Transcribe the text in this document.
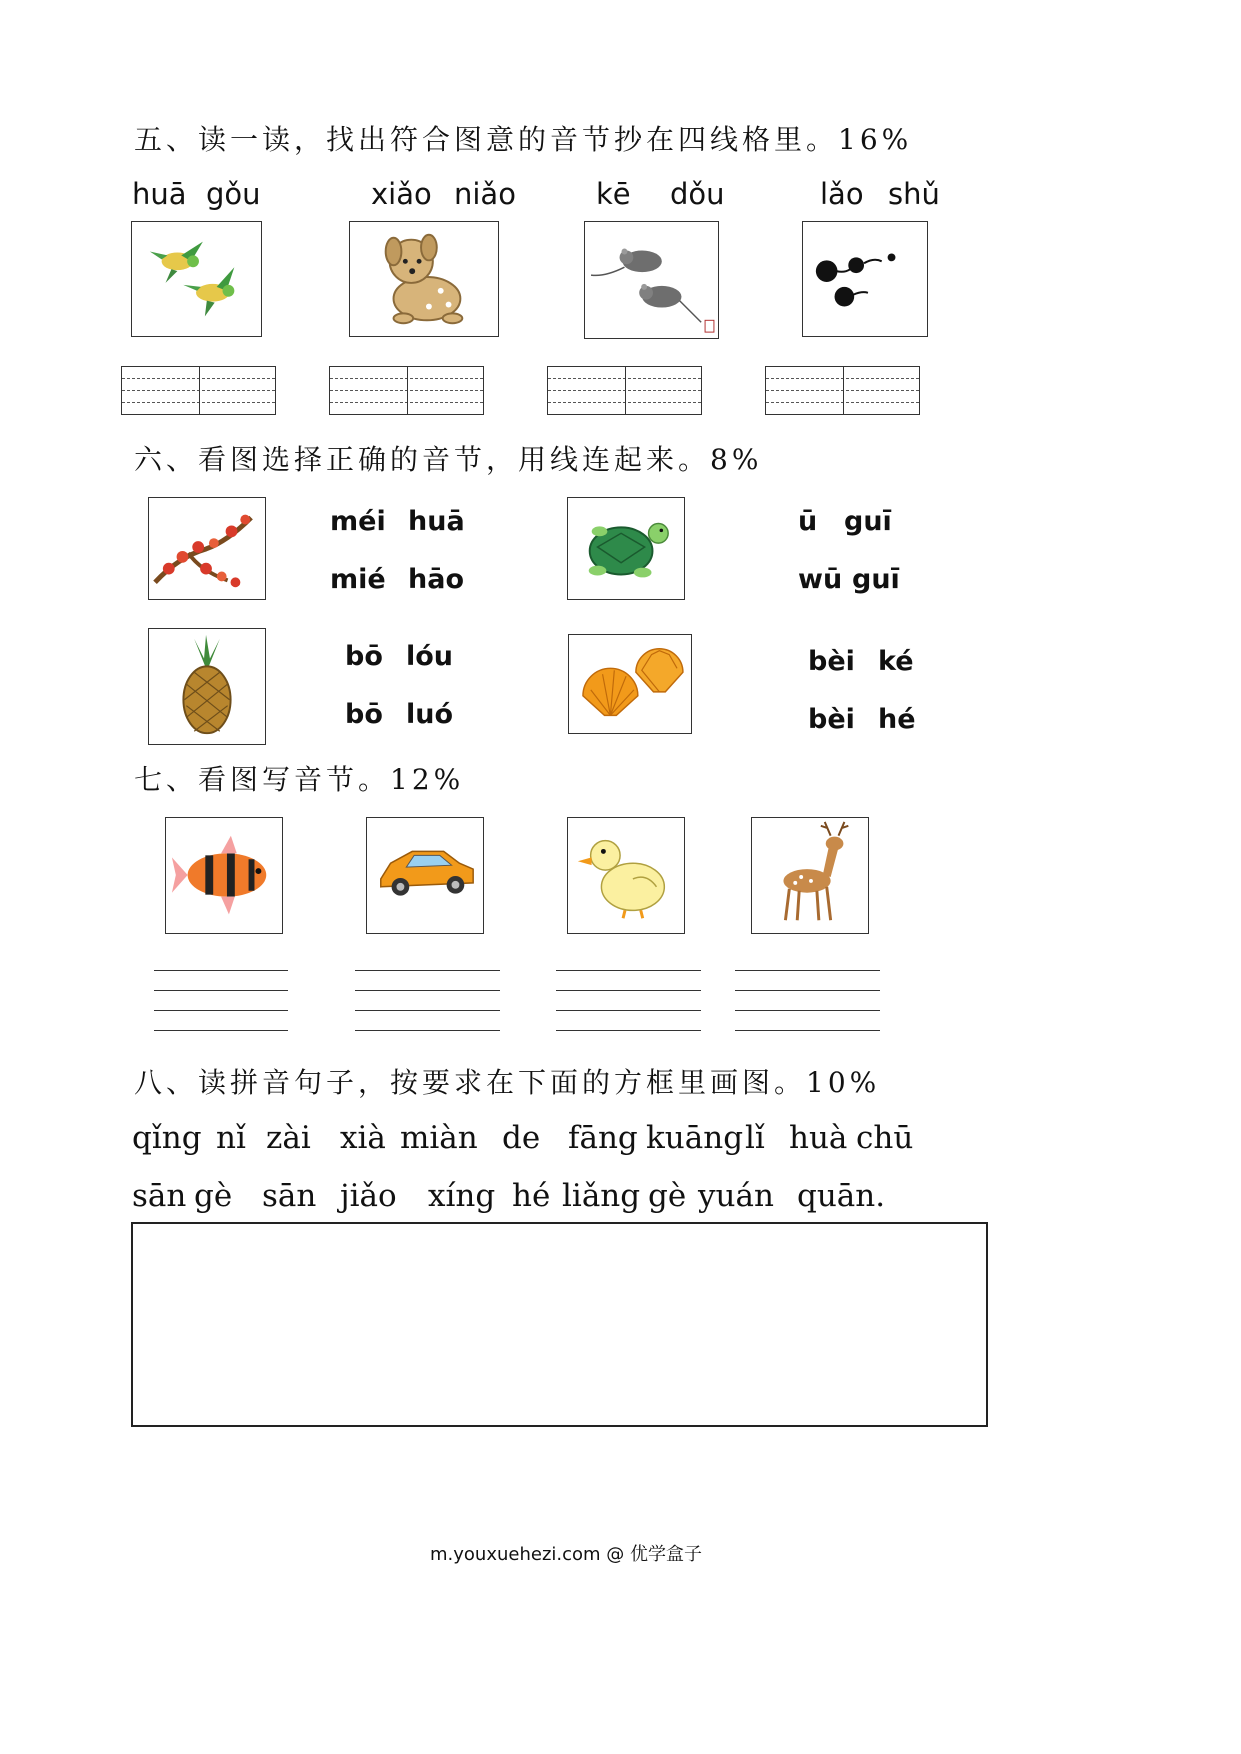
五、读一读，找出符合图意的音节抄在四线格里。16%
huā gǒu	xiǎo niǎo	kē dǒu	lǎo shǔ
六、看图选择正确的音节，用线连起来。8%
méi huā
mié hāo
ū guī
wū guī
bō lóu
bō luó
bèi ké
bèi hé
七、看图写音节。12%
八、读拼音句子，按要求在下面的方框里画图。10%
qǐng nǐ zài xià miàn de fāng kuāng lǐ huà chū
sān gè sān jiǎo xíng hé liǎng gè yuán quān.
m.youxuehezi.com @ 优学盒子
